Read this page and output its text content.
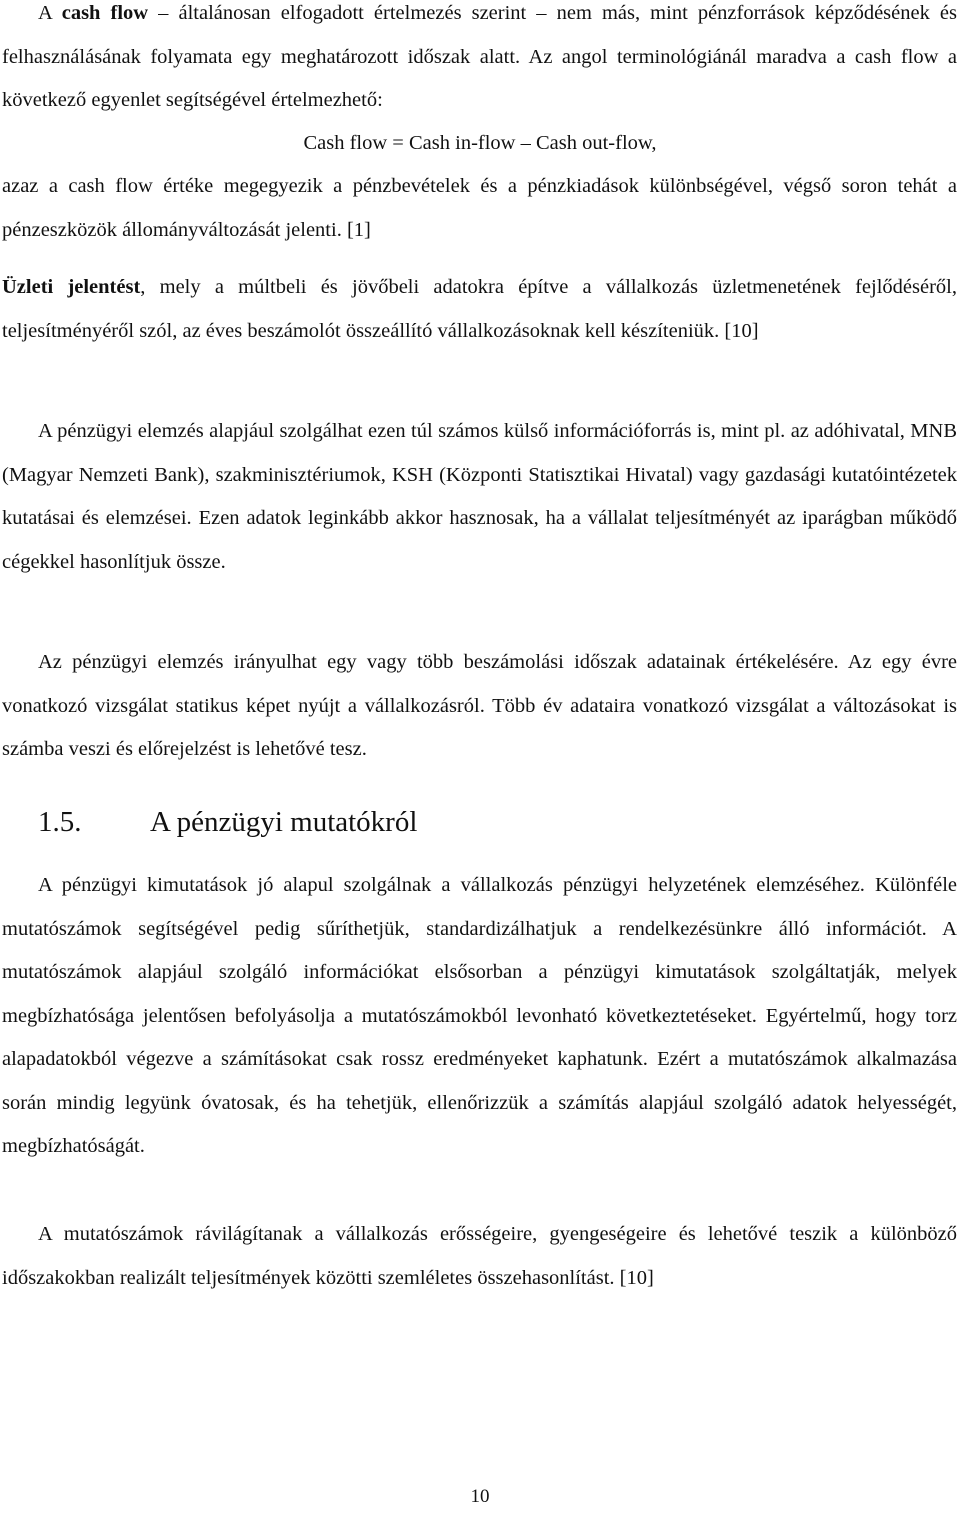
A cash flow – általánosan elfogadott értelmezés szerint – nem más, mint pénzforrások képződésének és felhasználásának folyamata egy meghatározott időszak alatt. Az angol terminológiánál maradva a cash flow a következő egyenlet segítségével értelmezhető:

Cash flow = Cash in-flow – Cash out-flow,

azaz a cash flow értéke megegyezik a pénzbevételek és a pénzkiadások különbségével, végső soron tehát a pénzeszközök állományváltozását jelenti. [1]

Üzleti jelentést, mely a múltbeli és jövőbeli adatokra építve a vállalkozás üzletmenetének fejlődéséről, teljesítményéről szól, az éves beszámolót összeállító vállalkozásoknak kell készíteniük. [10]

A pénzügyi elemzés alapjául szolgálhat ezen túl számos külső információforrás is, mint pl. az adóhivatal, MNB (Magyar Nemzeti Bank), szakminisztériumok, KSH (Központi Statisztikai Hivatal) vagy gazdasági kutatóintézetek kutatásai és elemzései. Ezen adatok leginkább akkor hasznosak, ha a vállalat teljesítményét az iparágban működő cégekkel hasonlítjuk össze.

Az pénzügyi elemzés irányulhat egy vagy több beszámolási időszak adatainak értékelésére. Az egy évre vonatkozó vizsgálat statikus képet nyújt a vállalkozásról. Több év adataira vonatkozó vizsgálat a változásokat is számba veszi és előrejelzést is lehetővé tesz.

1.5. A pénzügyi mutatókról

A pénzügyi kimutatások jó alapul szolgálnak a vállalkozás pénzügyi helyzetének elemzéséhez. Különféle mutatószámok segítségével pedig sűríthetjük, standardizálhatjuk a rendelkezésünkre álló információt. A mutatószámok alapjául szolgáló információkat elsősorban a pénzügyi kimutatások szolgáltatják, melyek megbízhatósága jelentősen befolyásolja a mutatószámokból levonható következtetéseket. Egyértelmű, hogy torz alapadatokból végezve a számításokat csak rossz eredményeket kaphatunk. Ezért a mutatószámok alkalmazása során mindig legyünk óvatosak, és ha tehetjük, ellenőrizzük a számítás alapjául szolgáló adatok helyességét, megbízhatóságát.

A mutatószámok rávilágítanak a vállalkozás erősségeire, gyengeségeire és lehetővé teszik a különböző időszakokban realizált teljesítmények közötti szemléletes összehasonlítást. [10]

10
